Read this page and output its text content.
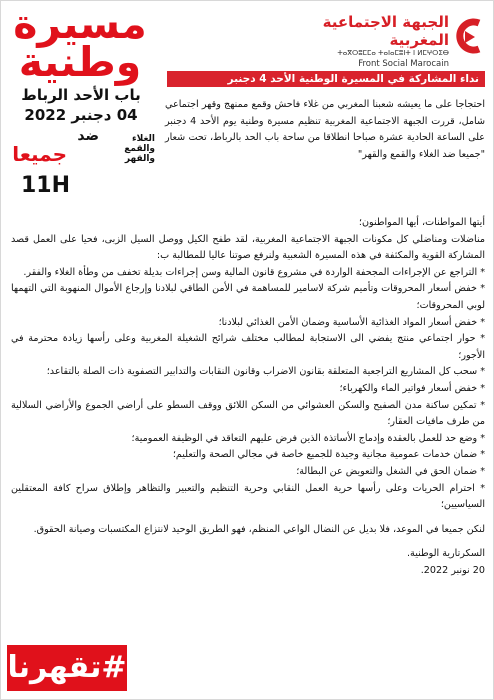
الجبهة الاجتماعية المغربية
ⵜⴰⴳⵔⵓⵎⵎⴰ ⵜⴰⵏⴰⵎⵓⵏⵜ ⵏ ⵍⵎⵖⵔⵉⴱ
Front Social Marocain
مسيرة وطنية
باب الأحد الرباط
04 دجنبر 2022
ضد
جميعا
الغلاء
والقمع
والقهر
11H
نداء المشاركة في المسيرة الوطنية الأحد 4 دجنبر

احتجاجا على ما يعيشه شعبنا المغربي من غلاء فاحش وقمع ممنهج وقهر اجتماعي شامل، قررت الجبهة الاجتماعية المغربية تنظيم مسيرة وطنية يوم الأحد 4 دجنبر على الساعة الحادية عشرة صباحا انطلاقا من ساحة باب الحد بالرباط، تحت شعار "جميعا ضد الغلاء والقمع والقهر"

أيتها المواطنات، أيها المواطنون؛

مناضلات ومناضلي كل مكونات الجبهة الاجتماعية المغربية، لقد طفح الكيل ووصل السيل الزبى، فحيا على العمل قصد المشاركة القوية والمكثفة في هذه المسيرة الشعبية ولنرفع صوتنا عاليا للمطالبة ب:

* التراجع عن الإجراءات المجحفة الواردة في مشروع قانون المالية وسن إجراءات بديلة تخفف من وطأة الغلاء والفقر.

* خفض أسعار المحروقات وتأميم شركة لاسامير للمساهمة في الأمن الطاقي لبلادنا وإرجاع الأموال المنهوبة التي التهمها لوبي المحروقات؛

* خفض أسعار المواد الغذائية الأساسية وضمان الأمن الغذائي لبلادنا؛

* حوار اجتماعي منتج يفضي الى الاستجابة لمطالب مختلف شرائح الشغيلة المغربية وعلى رأسها زيادة محترمة في الأجور؛

* سحب كل المشاريع التراجعية المتعلقة بقانون الاضراب وقانون النقابات والتدابير التصفوية ذات الصلة بالتقاعد؛

* خفض أسعار فواتير الماء والكهرباء؛

* تمكين ساكنة مدن الصفيح والسكن العشوائي من السكن اللائق ووقف السطو على أراضي الجموع والأراضي السلالية من طرف مافيات العقار؛

* وضع حد للعمل بالعقدة وإدماج الأساتذة الذين فرض عليهم التعاقد في الوظيفة العمومية؛

* ضمان خدمات عمومية مجانية وجيدة للجميع خاصة في مجالي الصحة والتعليم؛

* ضمان الحق في الشغل والتعويض عن البطالة؛

* احترام الحريات وعلى رأسها حرية العمل النقابي وحرية التنظيم والتعبير والتظاهر وإطلاق سراح كافة المعتقلين السياسيين؛

لنكن جميعا في الموعد، فلا بديل عن النضال الواعي المنظم، فهو الطريق الوحيد لانتزاع المكتسبات وصيانة الحقوق.

السكرتارية الوطنية.

20 نونبر 2022.

#تقهرنا
